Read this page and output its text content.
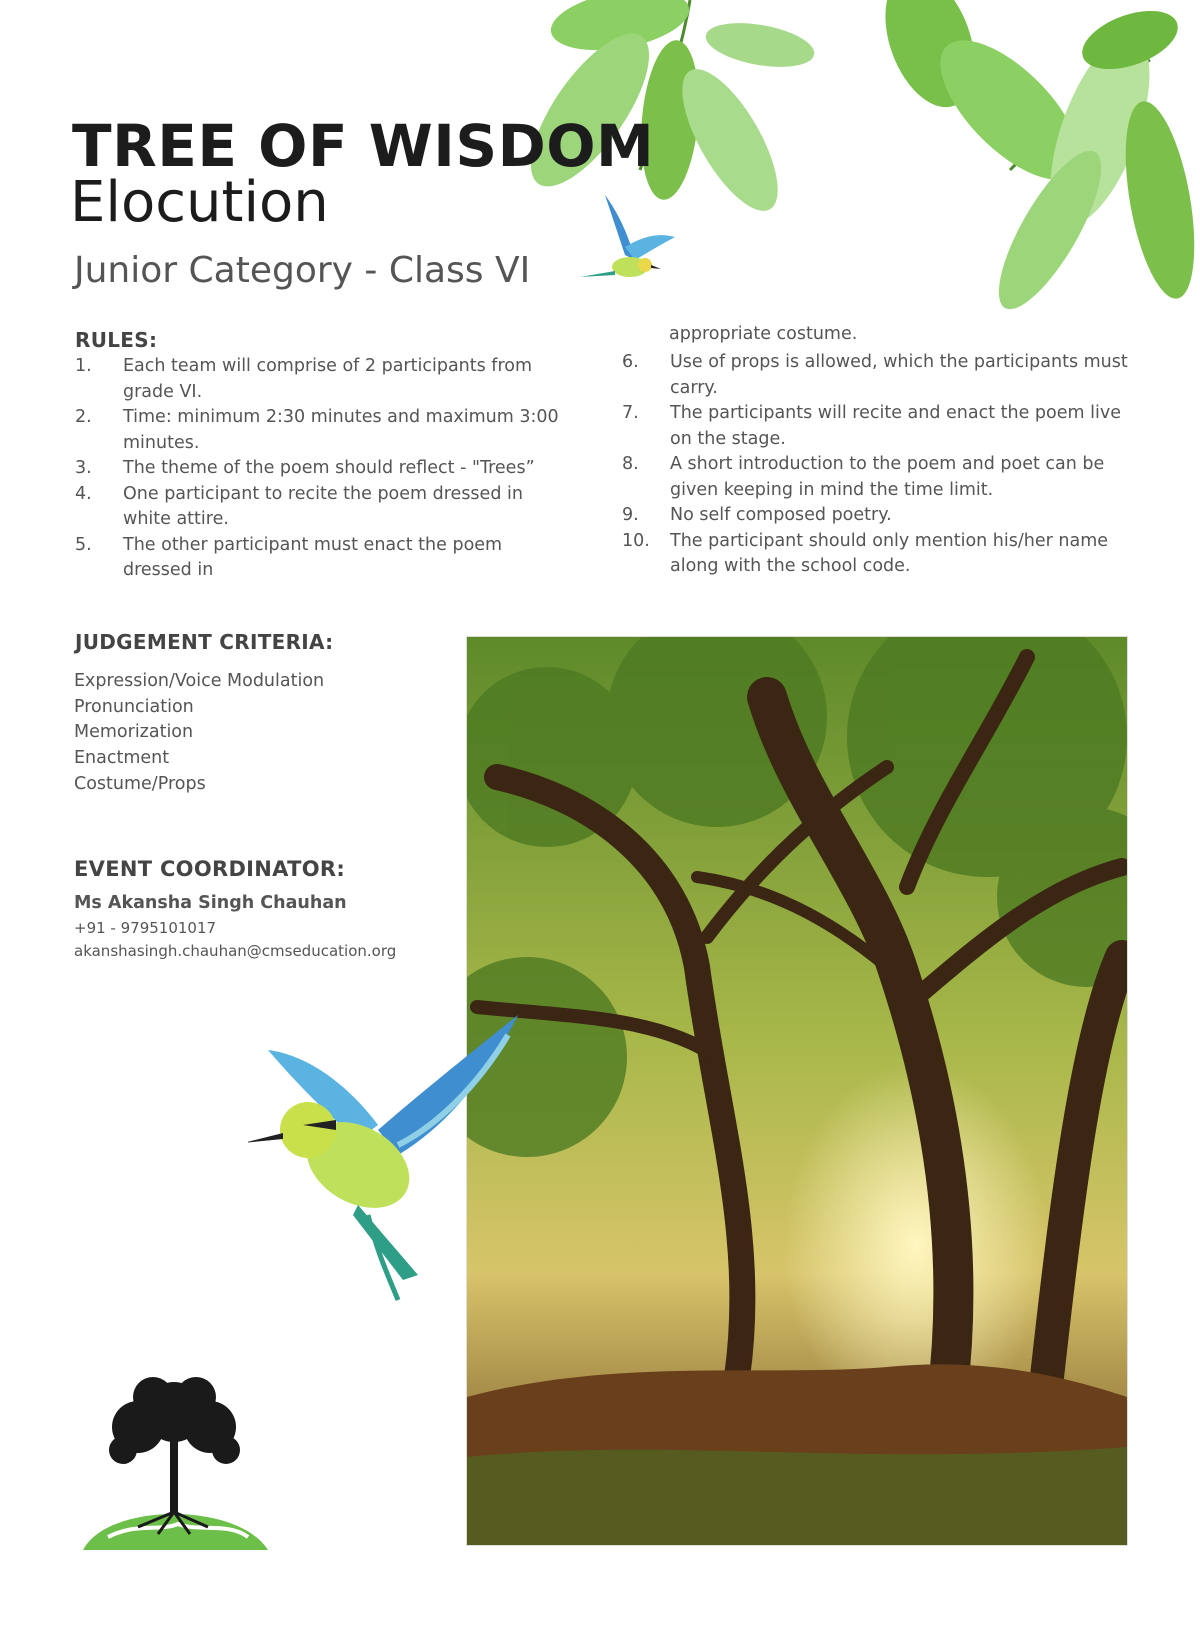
TREE OF WISDOM
Elocution
Junior Category - Class VI
RULES:
1. Each team will comprise of 2 participants from grade VI.
2. Time: minimum 2:30 minutes and maximum 3:00 minutes.
3. The theme of the poem should reflect - "Trees”
4. One participant to recite the poem dressed in white attire.
5. The other participant must enact the poem dressed in

appropriate costume.

6. Use of props is allowed, which the participants must carry.
7. The participants will recite and enact the poem live on the stage.
8. A short introduction to the poem and poet can be given keeping in mind the time limit.
9. No self composed poetry.
10. The participant should only mention his/her name along with the school code.
JUDGEMENT CRITERIA:
Expression/Voice Modulation
Pronunciation
Memorization
Enactment
Costume/Props
EVENT COORDINATOR:

Ms Akansha Singh Chauhan

+91 - 9795101017

akanshasingh.chauhan@cmseducation.org
